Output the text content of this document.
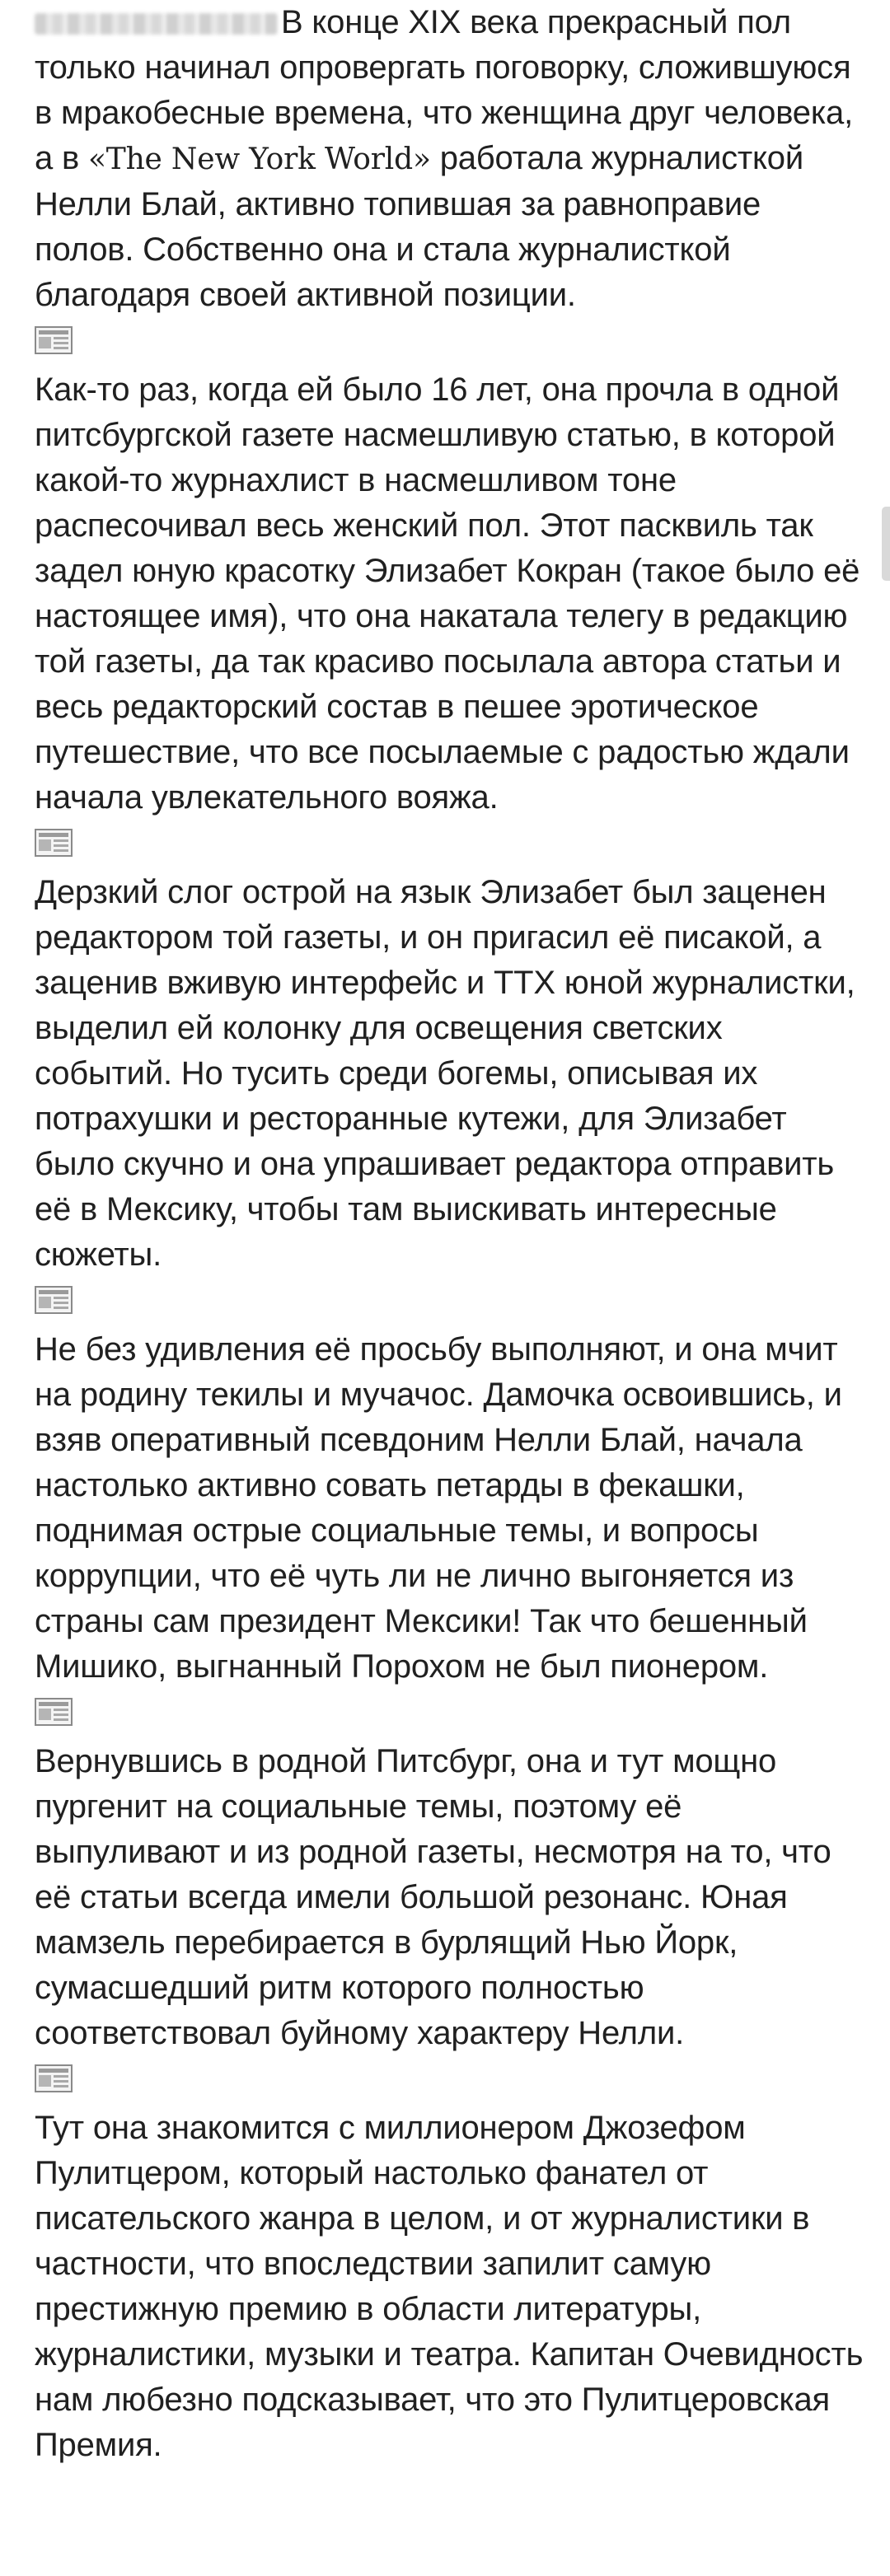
В конце XIX века прекрасный пол только начинал опровергать поговорку, сложившуюся в мракобесные времена, что женщина друг человека, а в «The New York World» работала журналисткой Нелли Блай, активно топившая за равноправие полов. Собственно она и стала журналисткой благодаря своей активной позиции.

Как-то раз, когда ей было 16 лет, она прочла в одной питсбургской газете насмешливую статью, в которой какой-то журнахлист в насмешливом тоне распесочивал весь женский пол. Этот пасквиль так задел юную красотку Элизабет Кокран (такое было её настоящее имя), что она накатала телегу в редакцию той газеты, да так красиво посылала автора статьи и весь редакторский состав в пешее эротическое путешествие, что все посылаемые с радостью ждали начала увлекательного вояжа.

Дерзкий слог острой на язык Элизабет был заценен редактором той газеты, и он пригасил её писакой, а заценив вживую интерфейс и ТТХ юной журналистки, выделил ей колонку для освещения светских событий. Но тусить среди богемы, описывая их потрахушки и ресторанные кутежи, для Элизабет было скучно и она упрашивает редактора отправить её в Мексику, чтобы там выискивать интересные сюжеты.

Не без удивления её просьбу выполняют, и она мчит на родину текилы и мучачос. Дамочка освоившись, и взяв оперативный псевдоним Нелли Блай, начала настолько активно совать петарды в фекашки, поднимая острые социальные темы, и вопросы коррупции, что её чуть ли не лично выгоняется из страны сам президент Мексики! Так что бешенный Мишико, выгнанный Порохом не был пионером.

Вернувшись в родной Питсбург, она и тут мощно пургенит на социальные темы, поэтому её выпуливают и из родной газеты, несмотря на то, что её статьи всегда имели большой резонанс. Юная мамзель перебирается в бурлящий Нью Йорк, сумасшедший ритм которого полностью соответствовал буйному характеру Нелли.

Тут она знакомится с миллионером Джозефом Пулитцером, который настолько фанател от писательского жанра в целом, и от журналистики в частности, что впоследствии запилит самую престижную премию в области литературы, журналистики, музыки и театра. Капитан Очевидность нам любезно подсказывает, что это Пулитцеровская Премия.
